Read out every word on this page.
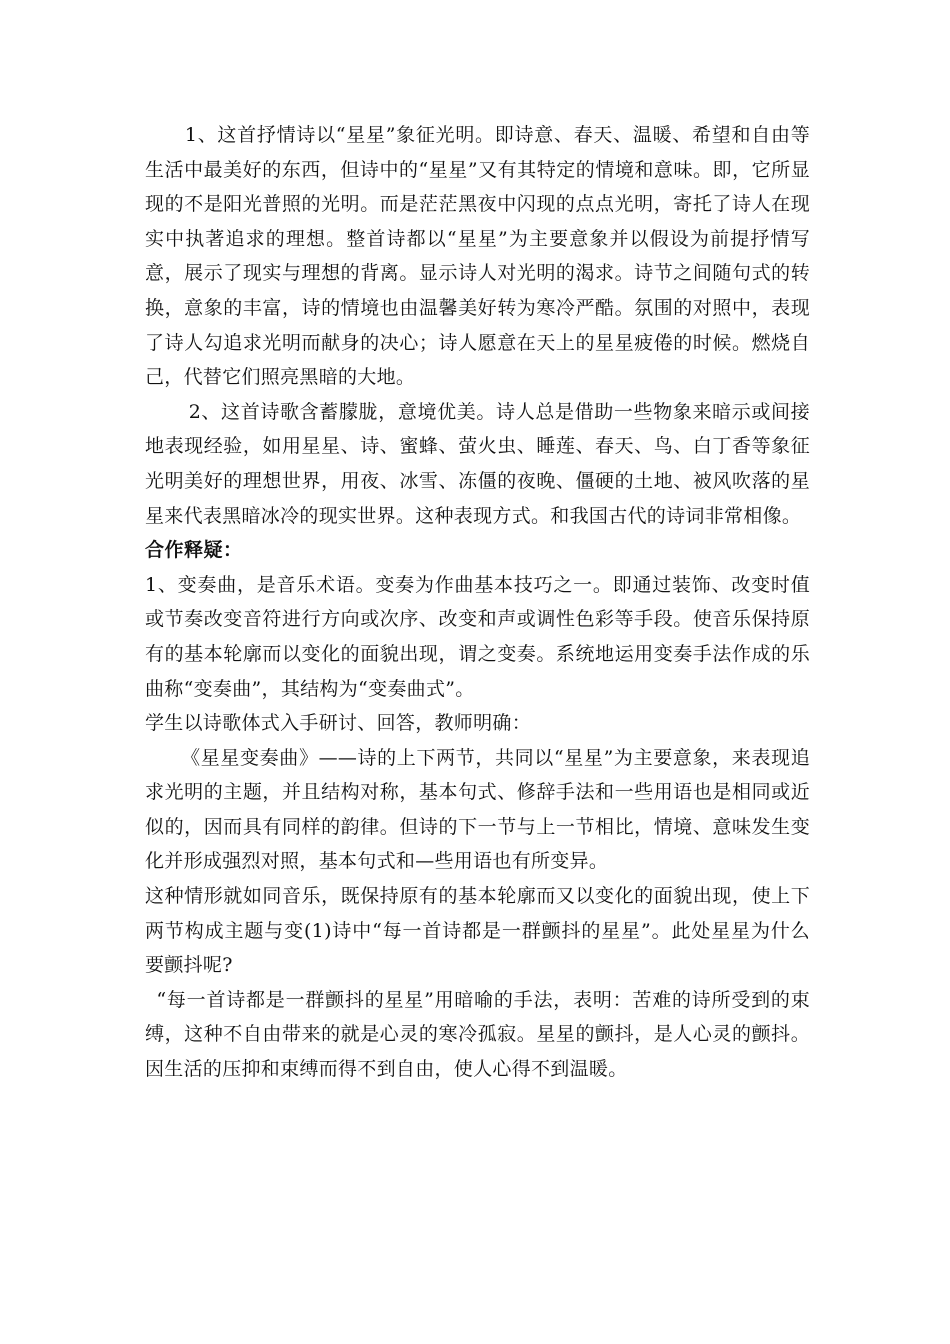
1、这首抒情诗以“星星”象征光明。即诗意、春天、温暖、希望和自由等生活中最美好的东西，但诗中的“星星”又有其特定的情境和意味。即，它所显现的不是阳光普照的光明。而是茫茫黑夜中闪现的点点光明，寄托了诗人在现实中执著追求的理想。整首诗都以“星星”为主要意象并以假设为前提抒情写意，展示了现实与理想的背离。显示诗人对光明的渴求。诗节之间随句式的转换，意象的丰富，诗的情境也由温馨美好转为寒冷严酷。氛围的对照中，表现了诗人勾追求光明而献身的决心；诗人愿意在天上的星星疲倦的时候。燃烧自己，代替它们照亮黑暗的大地。

2、这首诗歌含蓄朦胧，意境优美。诗人总是借助一些物象来暗示或间接地表现经验，如用星星、诗、蜜蜂、萤火虫、睡莲、春天、鸟、白丁香等象征光明美好的理想世界，用夜、冰雪、冻僵的夜晚、僵硬的土地、被风吹落的星星来代表黑暗冰冷的现实世界。这种表现方式。和我国古代的诗词非常相像。

合作释疑：

1、变奏曲，是音乐术语。变奏为作曲基本技巧之一。即通过装饰、改变时值或节奏改变音符进行方向或次序、改变和声或调性色彩等手段。使音乐保持原有的基本轮廓而以变化的面貌出现，谓之变奏。系统地运用变奏手法作成的乐曲称“变奏曲”，其结构为“变奏曲式”。

学生以诗歌体式入手研讨、回答，教师明确：

《星星变奏曲》——诗的上下两节，共同以“星星”为主要意象，来表现追求光明的主题，并且结构对称，基本句式、修辞手法和一些用语也是相同或近似的，因而具有同样的韵律。但诗的下一节与上一节相比，情境、意味发生变化并形成强烈对照，基本句式和—些用语也有所变异。

这种情形就如同音乐，既保持原有的基本轮廓而又以变化的面貌出现，使上下两节构成主题与变(1)诗中“每一首诗都是一群颤抖的星星”。此处星星为什么要颤抖呢?

“每一首诗都是一群颤抖的星星”用暗喻的手法，表明：苦难的诗所受到的束缚，这种不自由带来的就是心灵的寒冷孤寂。星星的颤抖，是人心灵的颤抖。因生活的压抑和束缚而得不到自由，使人心得不到温暖。
